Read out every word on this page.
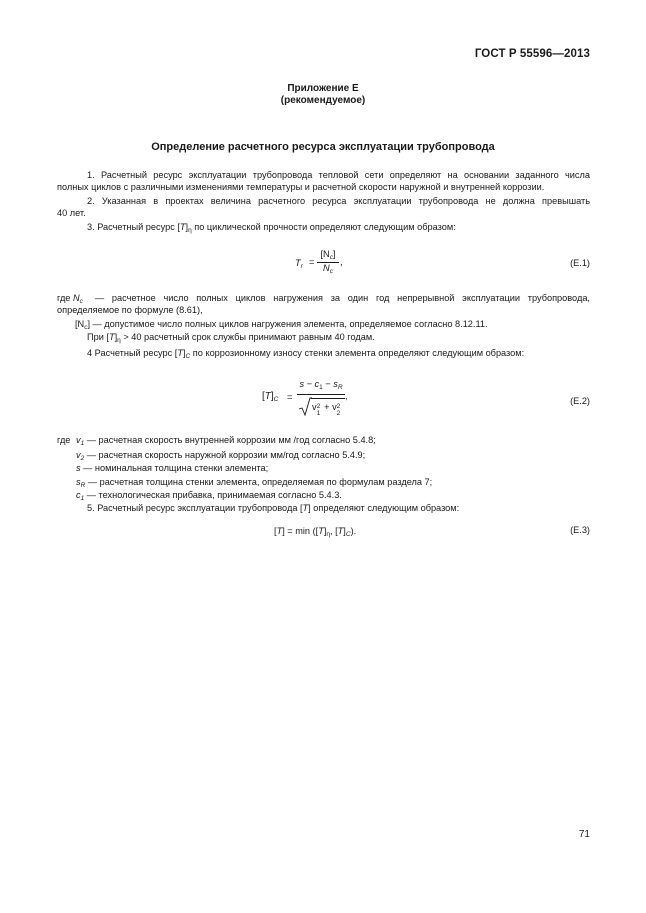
ГОСТ Р 55596—2013
Приложение Е
(рекомендуемое)
Определение расчетного ресурса эксплуатации трубопровода
1. Расчетный ресурс эксплуатации трубопровода тепловой сети определяют на основании заданного числа
полных циклов с различными изменениями температуры и расчетной скорости наружной и внутренней коррозии.
2. Указанная в проектах величина расчетного ресурса эксплуатации трубопровода не должна превышать
40 лет.
3. Расчетный ресурс $[T]_\eta$ по циклической прочности определяют следующим образом:
$T_r$ =
$[N_c]$
$N_c$
,	(Е.1)
где $N_c$ — расчетное число полных циклов нагружения за один год непрерывной эксплуатации трубопровода,
определяемое по формуле (8.61),
$[N_c]$ — допустимое число полных циклов нагружения элемента, определяемое согласно 8.12.11.
При $[T]_\eta > 40$ расчетный срок службы принимают равным 40 годам.
4 Расчетный ресурс $[T]_C$ по коррозионному износу стенки элемента определяют следующим образом:
$[T]_C$ =
$s - c_1 - s_R$
v 2
1
+ v 2
2
,	(Е.2)
где $v_1$ — расчетная скорость внутренней коррозии мм /год согласно 5.4.8;
$v_2$ — расчетная скорость наружной коррозии мм/год согласно 5.4.9;
s — номинальная толщина стенки элемента;
$s_R$ — расчетная толщина стенки элемента, определяемая по формулам раздела 7;
$c_1$ — технологическая прибавка, принимаемая согласно 5.4.3.
5. Расчетный ресурс эксплуатации трубопровода [T] определяют следующим образом:
$[T] = \min ([T]_\eta$, $[T]_C$).	(Е.3)
71
